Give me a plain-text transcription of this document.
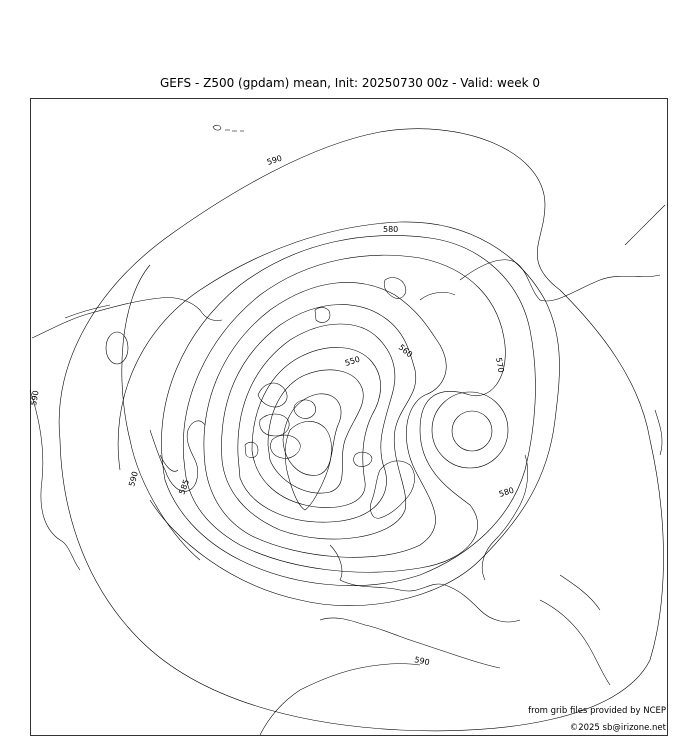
GEFS - Z500 (gpdam) mean, Init: 20250730 00z - Valid: week 0
590
580
560
550	570
580
590
590	585
590
from grib files provided by NCEP
©2025 sb@irizone.net
